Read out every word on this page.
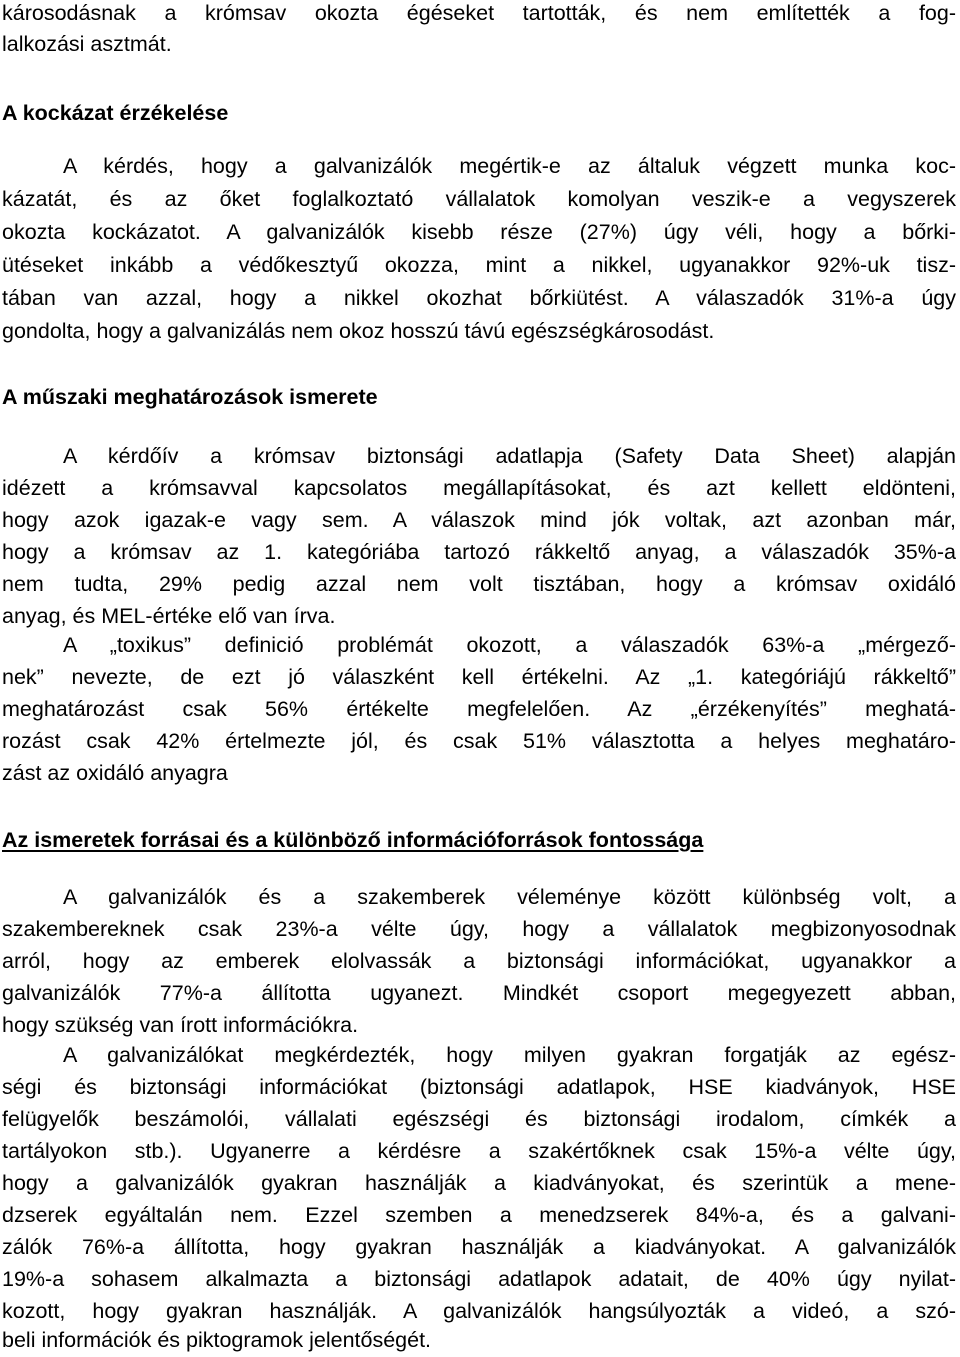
károsodásnak a krómsav okozta égéseket tartották, és nem említették a fog-
lalkozási asztmát.
A kockázat érzékelése
A kérdés, hogy a galvanizálók megértik-e az általuk végzett munka koc-
kázatát, és az őket foglalkoztató vállalatok komolyan veszik-e a vegyszerek
okozta kockázatot. A galvanizálók kisebb része (27%) úgy véli, hogy a bőrki-
ütéseket inkább a védőkesztyű okozza, mint a nikkel, ugyanakkor 92%-uk tisz-
tában van azzal, hogy a nikkel okozhat bőrkiütést. A válaszadók 31%-a úgy
gondolta, hogy a galvanizálás nem okoz hosszú távú egészségkárosodást.
A műszaki meghatározások ismerete
A kérdőív a krómsav biztonsági adatlapja (Safety Data Sheet) alapján
idézett a krómsavval kapcsolatos megállapításokat, és azt kellett eldönteni,
hogy azok igazak-e vagy sem. A válaszok mind jók voltak, azt azonban már,
hogy a krómsav az 1. kategóriába tartozó rákkeltő anyag, a válaszadók 35%-a
nem tudta, 29% pedig azzal nem volt tisztában, hogy a krómsav oxidáló
anyag, és MEL-értéke elő van írva.
A „toxikus” definició problémát okozott, a válaszadók 63%-a „mérgező-
nek” nevezte, de ezt jó válaszként kell értékelni. Az „1. kategóriájú rákkeltő”
meghatározást csak 56% értékelte megfelelően. Az „érzékenyítés” meghatá-
rozást csak 42% értelmezte jól, és csak 51% választotta a helyes meghatáro-
zást az oxidáló anyagra
Az ismeretek forrásai és a különböző információforrások fontossága
A galvanizálók és a szakemberek véleménye között különbség volt, a
szakembereknek csak 23%-a vélte úgy, hogy a vállalatok megbizonyosodnak
arról, hogy az emberek elolvassák a biztonsági információkat, ugyanakkor a
galvanizálók 77%-a állította ugyanezt. Mindkét csoport megegyezett abban,
hogy szükség van írott információkra.
A galvanizálókat megkérdezték, hogy milyen gyakran forgatják az egész-
ségi és biztonsági információkat (biztonsági adatlapok, HSE kiadványok, HSE
felügyelők beszámolói, vállalati egészségi és biztonsági irodalom, címkék a
tartályokon stb.). Ugyanerre a kérdésre a szakértőknek csak 15%-a vélte úgy,
hogy a galvanizálók gyakran használják a kiadványokat, és szerintük a mene-
dzserek egyáltalán nem. Ezzel szemben a menedzserek 84%-a, és a galvani-
zálók 76%-a állította, hogy gyakran használják a kiadványokat. A galvanizálók
19%-a sohasem alkalmazta a biztonsági adatlapok adatait, de 40% úgy nyilat-
kozott, hogy gyakran használják. A galvanizálók hangsúlyozták a videó, a szó-
beli információk és piktogramok jelentőségét.
